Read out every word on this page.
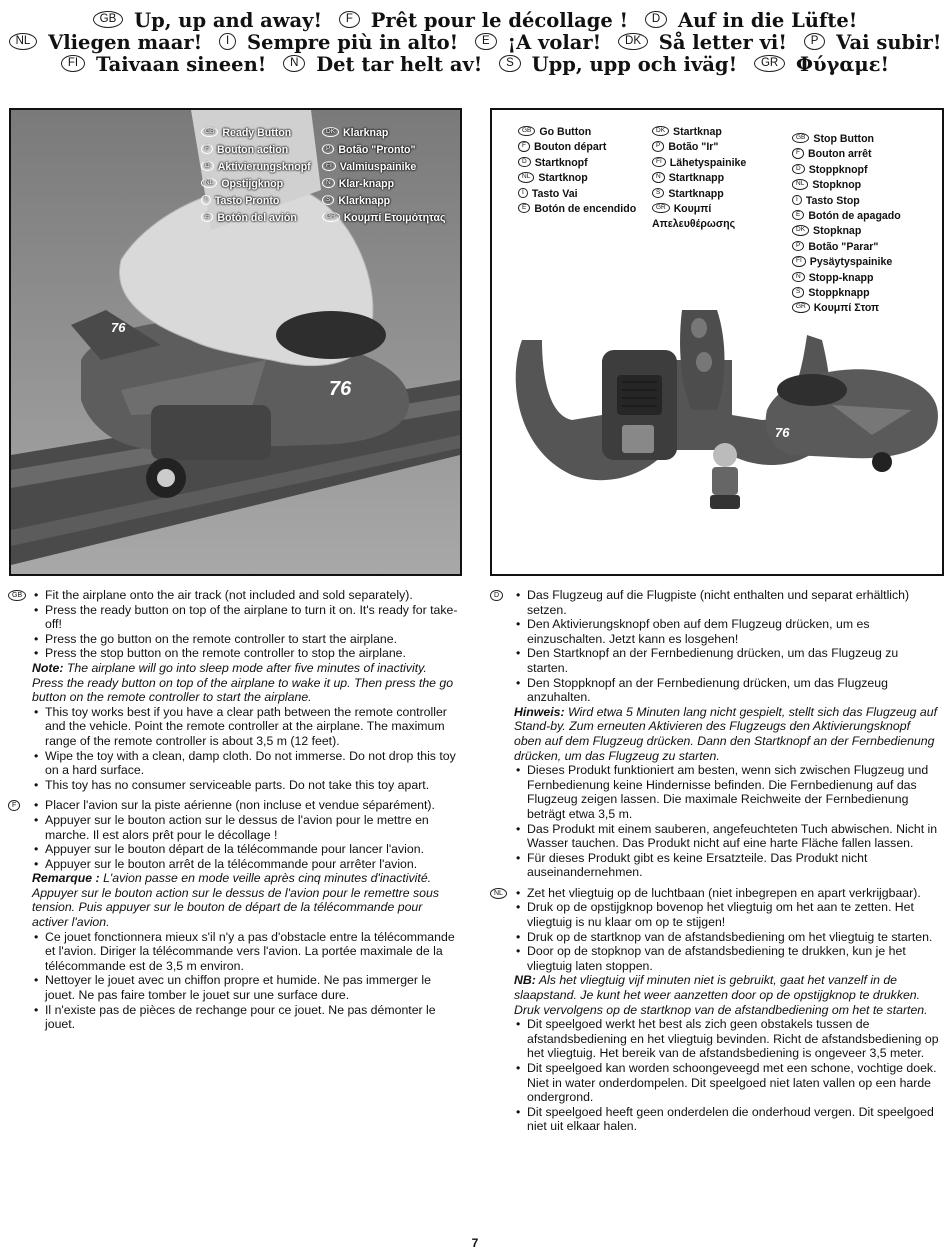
GB Up, up and away! F Prêt pour le décollage ! D Auf in die Lüfte!
NL Vliegen maar! I Sempre più in alto! E ¡A volar! DK Så letter vi! P Vai subir!
FI Taivaan sineen! N Det tar helt av! S Upp, upp och iväg! GR Φύγαμε!
76
76
GB Ready Button
F Bouton action
D Aktivierungsknopf
NL Opstijgknop
I Tasto Pronto
E Botón del avión
DK Klarknap
P Botão "Pronto"
FI Valmiuspainike
N Klar-knapp
S Klarknapp
GR Κουμπί Ετοιμότητας
76
GB Go Button
F Bouton départ
D Startknopf
NL Startknop
I Tasto Vai
E Botón de encendido
DK Startknap
P Botão "Ir"
FI Lähetyspainike
N Startknapp
S Startknapp
GR Κουμπί
Απελευθέρωσης
GB Stop Button
F Bouton arrêt
D Stoppknopf
NL Stopknop
I Tasto Stop
E Botón de apagado
DK Stopknap
P Botão "Parar"
FI Pysäytyspainike
N Stopp-knapp
S Stoppknapp
GR Κουμπί Στοπ
GB	• Fit the airplane onto the air track (not included and sold separately).
• Press the ready button on top of the airplane to turn it on. It's ready for take-off!
• Press the go button on the remote controller to start the airplane.
• Press the stop button on the remote controller to stop the airplane.

Note: The airplane will go into sleep mode after five minutes of inactivity. Press the ready button on top of the airplane to wake it up. Then press the go button on the remote controller to start the airplane.

• This toy works best if you have a clear path between the remote controller and the vehicle. Point the remote controller at the airplane. The maximum range of the remote controller is about 3,5 m (12 feet).
• Wipe the toy with a clean, damp cloth. Do not immerse. Do not drop this toy on a hard surface.
• This toy has no consumer serviceable parts. Do not take this toy apart.
F	• Placer l'avion sur la piste aérienne (non incluse et vendue séparément).
• Appuyer sur le bouton action sur le dessus de l'avion pour le mettre en marche. Il est alors prêt pour le décollage !
• Appuyer sur le bouton départ de la télécommande pour lancer l'avion.
• Appuyer sur le bouton arrêt de la télécommande pour arrêter l'avion.

Remarque : L'avion passe en mode veille après cinq minutes d'inactivité. Appuyer sur le bouton action sur le dessus de l'avion pour le remettre sous tension. Puis appuyer sur le bouton de départ de la télécommande pour activer l'avion.

• Ce jouet fonctionnera mieux s'il n'y a pas d'obstacle entre la télécommande et l'avion. Diriger la télécommande vers l'avion. La portée maximale de la télécommande est de 3,5 m environ.
• Nettoyer le jouet avec un chiffon propre et humide. Ne pas immerger le jouet. Ne pas faire tomber le jouet sur une surface dure.
• Il n'existe pas de pièces de rechange pour ce jouet. Ne pas démonter le jouet.
D	• Das Flugzeug auf die Flugpiste (nicht enthalten und separat erhältlich) setzen.
• Den Aktivierungsknopf oben auf dem Flugzeug drücken, um es einzuschalten. Jetzt kann es losgehen!
• Den Startknopf an der Fernbedienung drücken, um das Flugzeug zu starten.
• Den Stoppknopf an der Fernbedienung drücken, um das Flugzeug anzuhalten.

Hinweis: Wird etwa 5 Minuten lang nicht gespielt, stellt sich das Flugzeug auf Stand-by. Zum erneuten Aktivieren des Flugzeugs den Aktivierungsknopf oben auf dem Flugzeug drücken. Dann den Startknopf an der Fernbedienung drücken, um das Flugzeug zu starten.

• Dieses Produkt funktioniert am besten, wenn sich zwischen Flugzeug und Fernbedienung keine Hindernisse befinden. Die Fernbedienung auf das Flugzeug zeigen lassen. Die maximale Reichweite der Fernbedienung beträgt etwa 3,5 m.
• Das Produkt mit einem sauberen, angefeuchteten Tuch abwischen. Nicht in Wasser tauchen. Das Produkt nicht auf eine harte Fläche fallen lassen.
• Für dieses Produkt gibt es keine Ersatzteile. Das Produkt nicht auseinandernehmen.
NL	• Zet het vliegtuig op de luchtbaan (niet inbegrepen en apart verkrijgbaar).
• Druk op de opstijgknop bovenop het vliegtuig om het aan te zetten. Het vliegtuig is nu klaar om op te stijgen!
• Druk op de startknop van de afstandsbediening om het vliegtuig te starten.
• Door op de stopknop van de afstandsbediening te drukken, kun je het vliegtuig laten stoppen.

NB: Als het vliegtuig vijf minuten niet is gebruikt, gaat het vanzelf in de slaapstand. Je kunt het weer aanzetten door op de opstijgknop te drukken. Druk vervolgens op de startknop van de afstandbediening om het te starten.

• Dit speelgoed werkt het best als zich geen obstakels tussen de afstandsbediening en het vliegtuig bevinden. Richt de afstandsbediening op het vliegtuig. Het bereik van de afstandsbediening is ongeveer 3,5 meter.
• Dit speelgoed kan worden schoongeveegd met een schone, vochtige doek. Niet in water onderdompelen. Dit speelgoed niet laten vallen op een harde ondergrond.
• Dit speelgoed heeft geen onderdelen die onderhoud vergen. Dit speelgoed niet uit elkaar halen.
7
